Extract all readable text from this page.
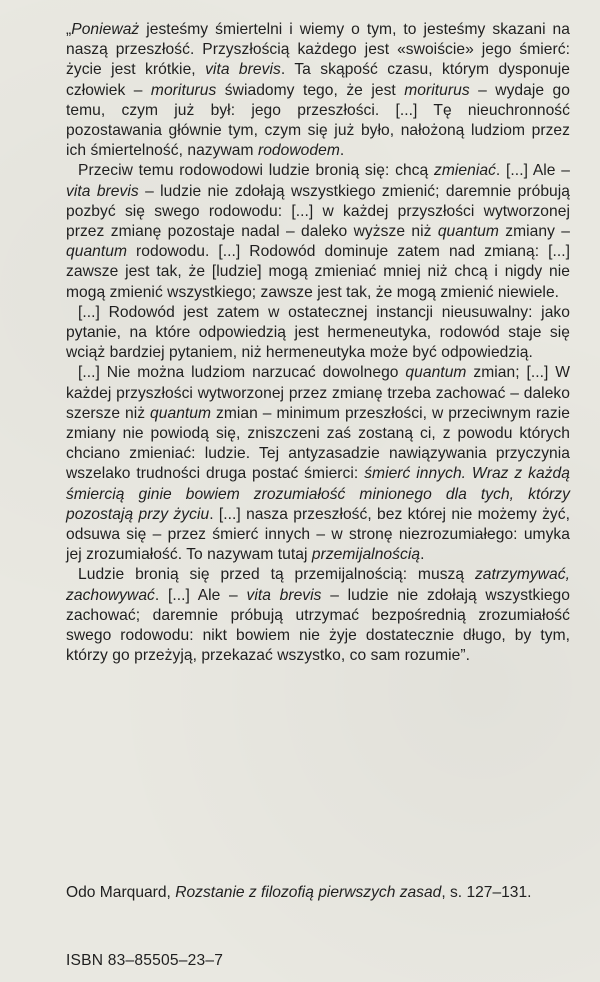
„Ponieważ jesteśmy śmiertelni i wiemy o tym, to jesteśmy skazani na naszą przeszłość. Przyszłością każdego jest «swoiście» jego śmierć: życie jest krótkie, vita brevis. Ta skąpość czasu, którym dysponuje człowiek – moriturus świadomy tego, że jest moriturus – wydaje go temu, czym już był: jego przeszłości. [...] Tę nieuchronność pozostawania głównie tym, czym się już było, nałożoną ludziom przez ich śmiertelność, nazywam rodowodem.

Przeciw temu rodowodowi ludzie bronią się: chcą zmieniać. [...] Ale – vita brevis – ludzie nie zdołają wszystkiego zmienić; daremnie próbują pozbyć się swego rodowodu: [...] w każdej przyszłości wytworzonej przez zmianę pozostaje nadal – daleko wyższe niż quantum zmiany – quantum rodowodu. [...] Rodowód dominuje zatem nad zmianą: [...] zawsze jest tak, że [ludzie] mogą zmieniać mniej niż chcą i nigdy nie mogą zmienić wszystkiego; zawsze jest tak, że mogą zmienić niewiele.

[...] Rodowód jest zatem w ostatecznej instancji nieusuwalny: jako pytanie, na które odpowiedzią jest hermeneutyka, rodowód staje się wciąż bardziej pytaniem, niż hermeneutyka może być odpowiedzią.

[...] Nie można ludziom narzucać dowolnego quantum zmian; [...] W każdej przyszłości wytworzonej przez zmianę trzeba zachować – daleko szersze niż quantum zmian – minimum przeszłości, w przeciwnym razie zmiany nie powiodą się, zniszczeni zaś zostaną ci, z powodu których chciano zmieniać: ludzie. Tej antyzasadzie nawiązywania przyczynia wszelako trudności druga postać śmierci: śmierć innych. Wraz z każdą śmiercią ginie bowiem zrozumiałość minionego dla tych, którzy pozostają przy życiu. [...] nasza przeszłość, bez której nie możemy żyć, odsuwa się – przez śmierć innych – w stronę niezrozumiałego: umyka jej zrozumiałość. To nazywam tutaj przemijalnością.

Ludzie bronią się przed tą przemijalnością: muszą zatrzymywać, zachowywać. [...] Ale – vita brevis – ludzie nie zdołają wszystkiego zachować; daremnie próbują utrzymać bezpośrednią zrozumiałość swego rodowodu: nikt bowiem nie żyje dostatecznie długo, by tym, którzy go przeżyją, przekazać wszystko, co sam rozumie”.

Odo Marquard, Rozstanie z filozofią pierwszych zasad, s. 127–131.
ISBN 83–85505–23–7
